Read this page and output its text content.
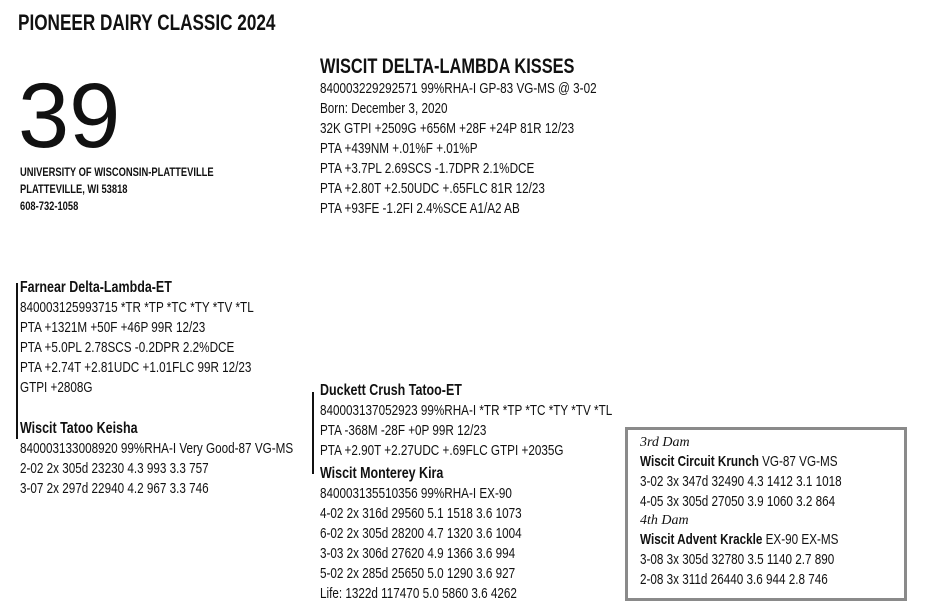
PIONEER DAIRY CLASSIC 2024
39
UNIVERSITY OF WISCONSIN-PLATTEVILLE
PLATTEVILLE, WI 53818
608-732-1058
WISCIT DELTA-LAMBDA KISSES
840003229292571 99%RHA-I GP-83 VG-MS @ 3-02
Born: December 3, 2020
32K GTPI +2509G +656M +28F +24P 81R 12/23
PTA +439NM +.01%F +.01%P
PTA +3.7PL 2.69SCS -1.7DPR 2.1%DCE
PTA +2.80T +2.50UDC +.65FLC 81R 12/23
PTA +93FE -1.2FI 2.4%SCE A1/A2 AB
Farnear Delta-Lambda-ET
840003125993715 *TR *TP *TC *TY *TV *TL
PTA +1321M +50F +46P 99R 12/23
PTA +5.0PL 2.78SCS -0.2DPR 2.2%DCE
PTA +2.74T +2.81UDC +1.01FLC 99R 12/23
GTPI +2808G
Wiscit Tatoo Keisha
840003133008920 99%RHA-I Very Good-87 VG-MS
2-02 2x 305d 23230 4.3 993 3.3 757
3-07 2x 297d 22940 4.2 967 3.3 746
Duckett Crush Tatoo-ET
840003137052923 99%RHA-I *TR *TP *TC *TY *TV *TL
PTA -368M -28F +0P 99R 12/23
PTA +2.90T +2.27UDC +.69FLC GTPI +2035G
Wiscit Monterey Kira
840003135510356 99%RHA-I EX-90
4-02 2x 316d 29560 5.1 1518 3.6 1073
6-02 2x 305d 28200 4.7 1320 3.6 1004
3-03 2x 306d 27620 4.9 1366 3.6 994
5-02 2x 285d 25650 5.0 1290 3.6 927
Life: 1322d 117470 5.0 5860 3.6 4262
3rd Dam
Wiscit Circuit Krunch VG-87 VG-MS
3-02 3x 347d 32490 4.3 1412 3.1 1018
4-05 3x 305d 27050 3.9 1060 3.2 864
4th Dam
Wiscit Advent Krackle EX-90 EX-MS
3-08 3x 305d 32780 3.5 1140 2.7 890
2-08 3x 311d 26440 3.6 944 2.8 746
